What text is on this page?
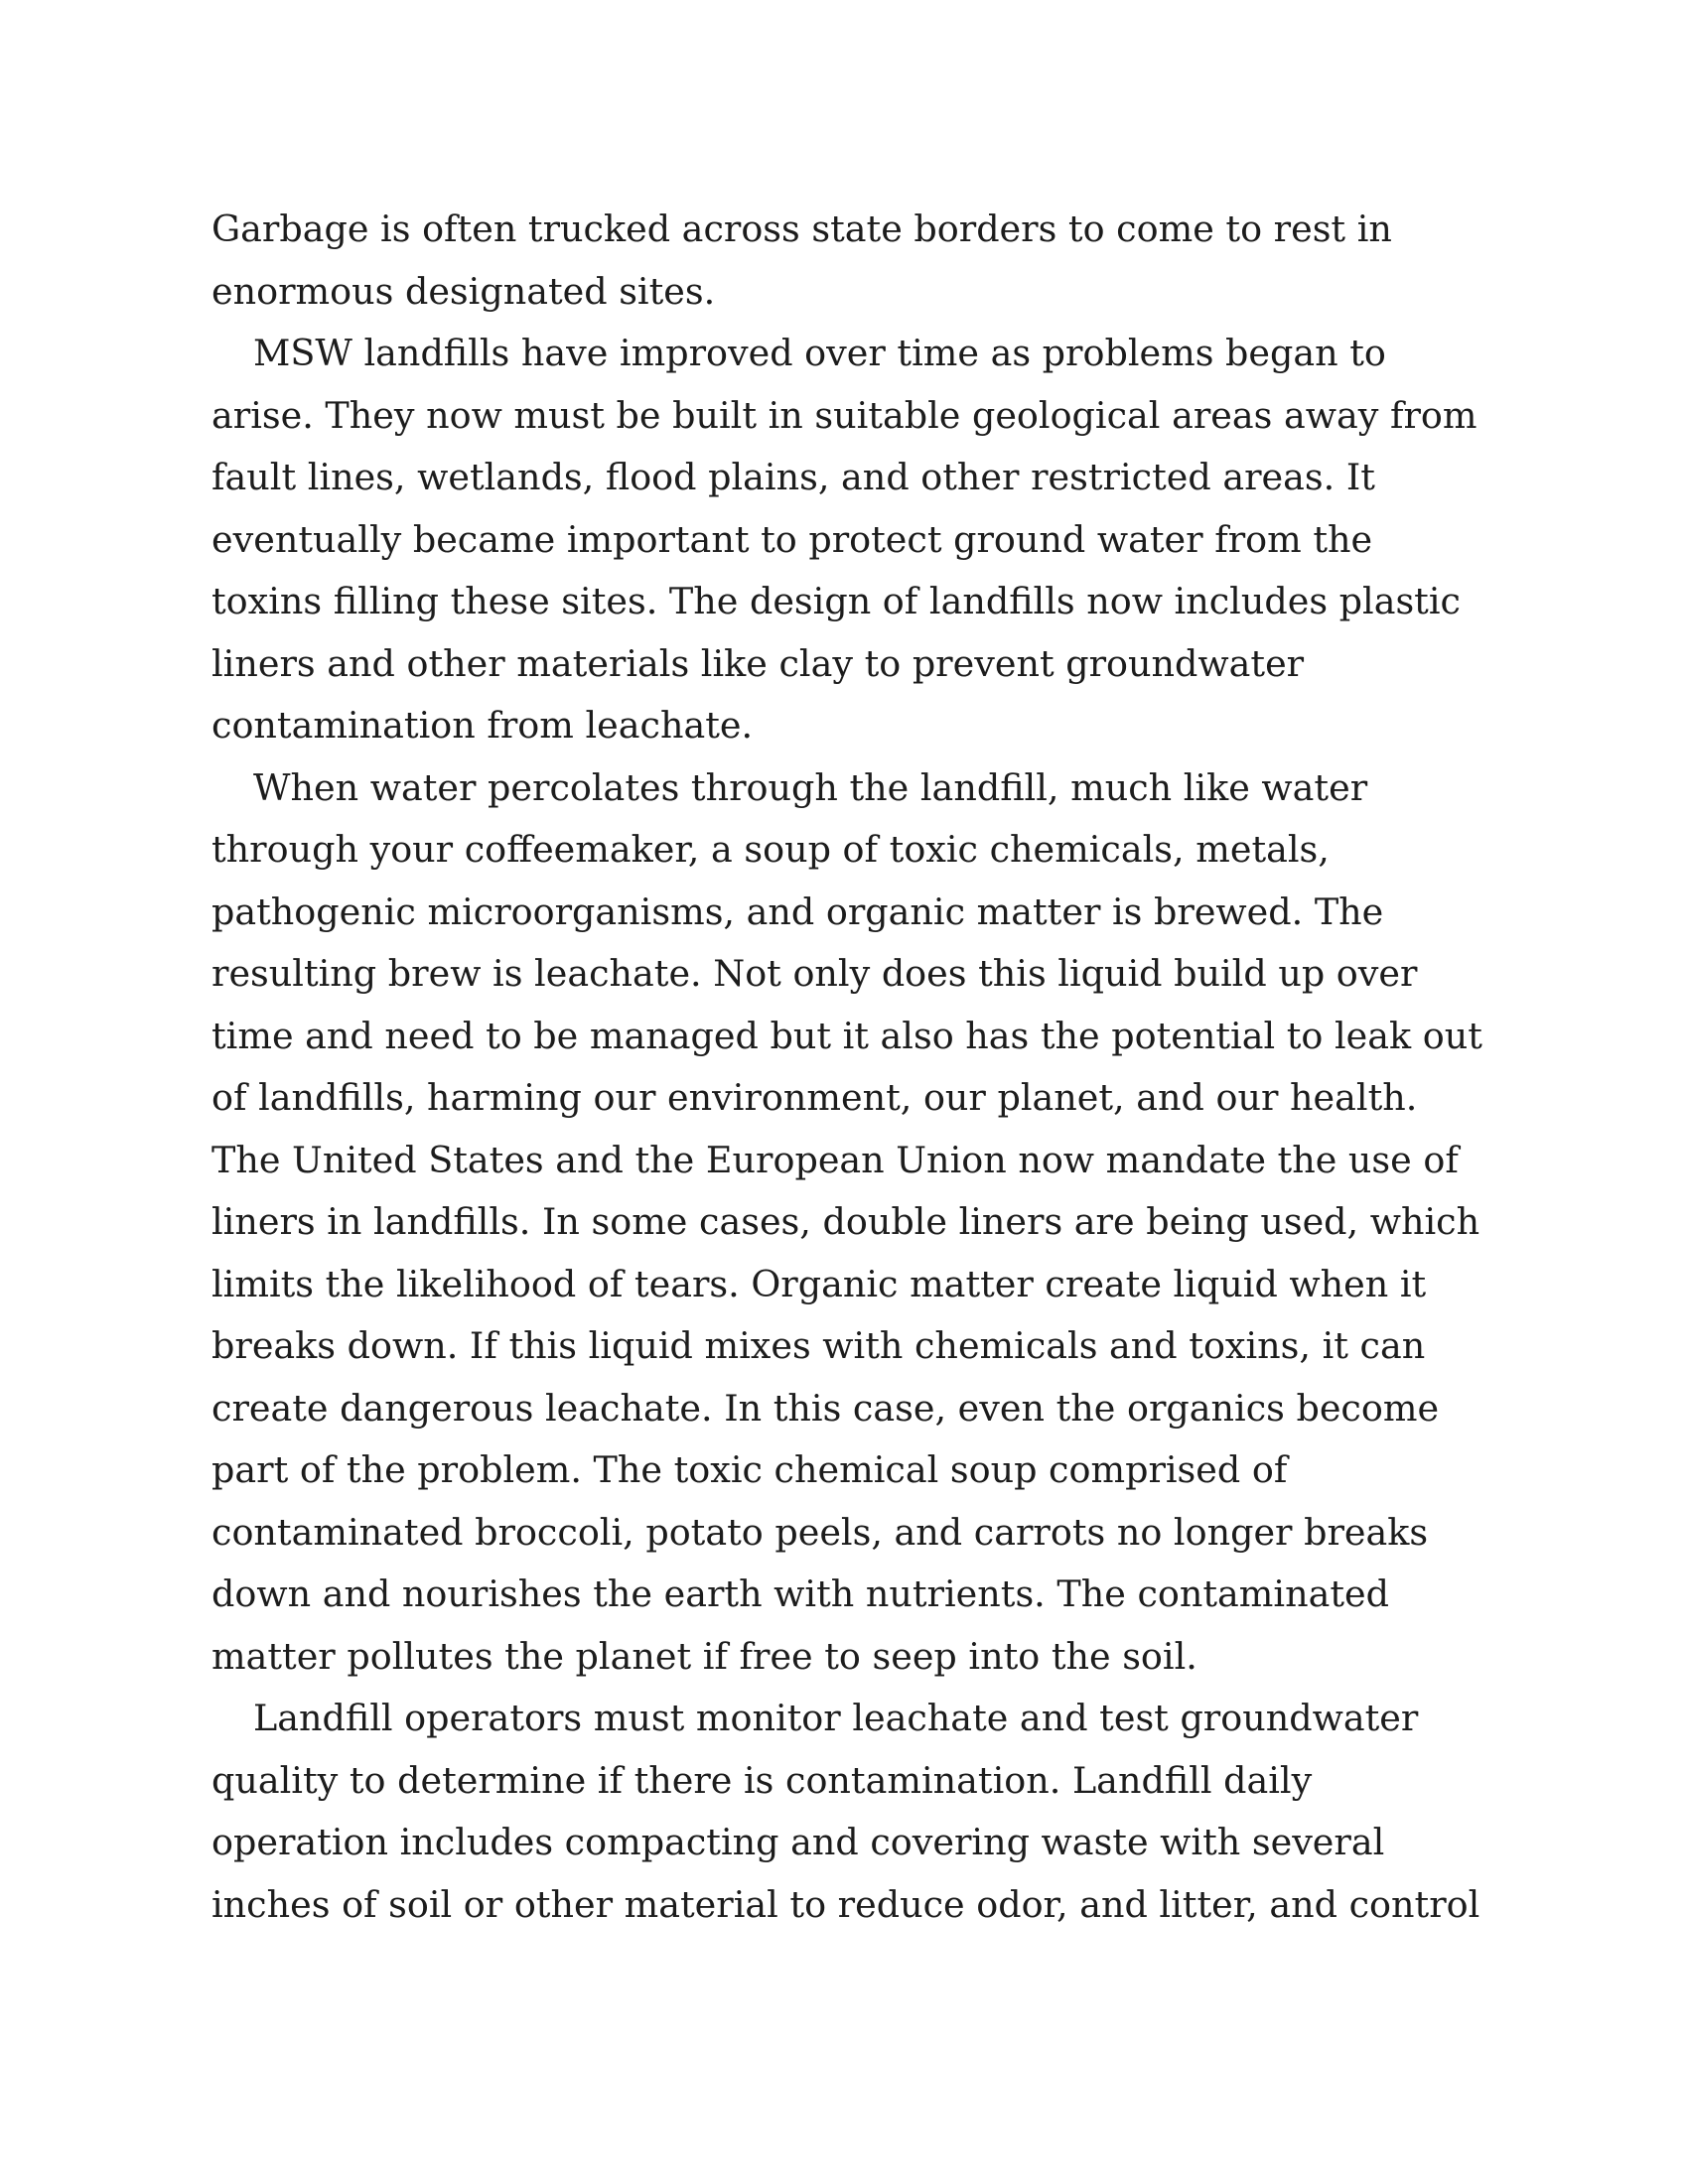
Garbage is often trucked across state borders to come to rest in
enormous designated sites.

MSW landfills have improved over time as problems began to
arise. They now must be built in suitable geological areas away from
fault lines, wetlands, flood plains, and other restricted areas. It
eventually became important to protect ground water from the
toxins filling these sites. The design of landfills now includes plastic
liners and other materials like clay to prevent groundwater
contamination from leachate.

When water percolates through the landfill, much like water
through your coffeemaker, a soup of toxic chemicals, metals,
pathogenic microorganisms, and organic matter is brewed. The
resulting brew is leachate. Not only does this liquid build up over
time and need to be managed but it also has the potential to leak out
of landfills, harming our environment, our planet, and our health.
The United States and the European Union now mandate the use of
liners in landfills. In some cases, double liners are being used, which
limits the likelihood of tears. Organic matter create liquid when it
breaks down. If this liquid mixes with chemicals and toxins, it can
create dangerous leachate. In this case, even the organics become
part of the problem. The toxic chemical soup comprised of
contaminated broccoli, potato peels, and carrots no longer breaks
down and nourishes the earth with nutrients. The contaminated
matter pollutes the planet if free to seep into the soil.

Landfill operators must monitor leachate and test groundwater
quality to determine if there is contamination. Landfill daily
operation includes compacting and covering waste with several
inches of soil or other material to reduce odor, and litter, and control
